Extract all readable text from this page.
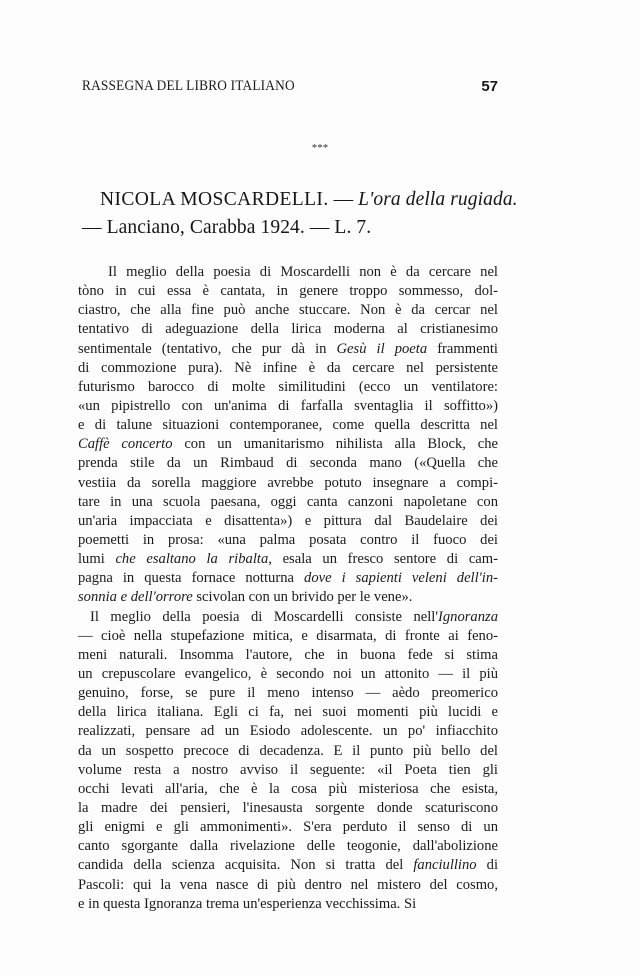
RASSEGNA DEL LIBRO ITALIANO	57
***
NICOLA MOSCARDELLI. — L'ora della rugiada.
— Lanciano, Carabba 1924. — L. 7.
Il meglio della poesia di Moscardelli non è da cercare nel
tòno in cui essa è cantata, in genere troppo sommesso, dol-
ciastro, che alla fine può anche stuccare. Non è da cercar nel
tentativo di adeguazione della lirica moderna al cristianesimo
sentimentale (tentativo, che pur dà in Gesù il poeta frammenti
di commozione pura). Nè infine è da cercare nel persistente
futurismo barocco di molte similitudini (ecco un ventilatore:
«un pipistrello con un'anima di farfalla sventaglia il soffitto»)
e di talune situazioni contemporanee, come quella descritta nel
Caffè concerto con un umanitarismo nihilista alla Block, che
prenda stile da un Rimbaud di seconda mano («Quella che
vestiia da sorella maggiore avrebbe potuto insegnare a compi-
tare in una scuola paesana, oggi canta canzoni napoletane con
un'aria impacciata e disattenta») e pittura dal Baudelaire dei
poemetti in prosa: «una palma posata contro il fuoco dei
lumi che esaltano la ribalta, esala un fresco sentore di cam-
pagna in questa fornace notturna dove i sapienti veleni dell'in-
sonnia e dell'orrore scivolan con un brivido per le vene».
Il meglio della poesia di Moscardelli consiste nell'Ignoranza
— cioè nella stupefazione mitica, e disarmata, di fronte ai feno-
meni naturali. Insomma l'autore, che in buona fede si stima
un crepuscolare evangelico, è secondo noi un attonito — il più
genuino, forse, se pure il meno intenso — aèdo preomerico
della lirica italiana. Egli ci fa, nei suoi momenti più lucidi e
realizzati, pensare ad un Esiodo adolescente. un po' infiacchito
da un sospetto precoce di decadenza. E il punto più bello del
volume resta a nostro avviso il seguente: «il Poeta tien gli
occhi levati all'aria, che è la cosa più misteriosa che esista,
la madre dei pensieri, l'inesausta sorgente donde scaturiscono
gli enigmi e gli ammonimenti». S'era perduto il senso di un
canto sgorgante dalla rivelazione delle teogonie, dall'abolizione
candida della scienza acquisita. Non si tratta del fanciullino di
Pascoli: qui la vena nasce di più dentro nel mistero del cosmo,
e in questa Ignoranza trema un'esperienza vecchissima. Si
